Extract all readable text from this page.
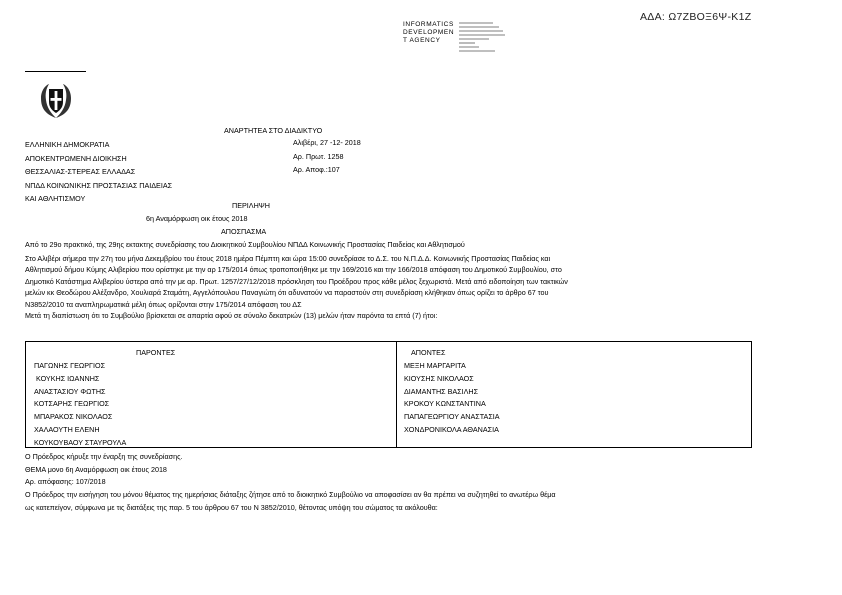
ΑΔΑ: Ω7ΖΒΟΞ6Ψ-Κ1Ζ
INFORMATICS
DEVELOPMEN
T AGENCY
ΑΝΑΡΤΗΤΕΑ ΣΤΟ ΔΙΑΔΙΚΤΥΟ
ΕΛΛΗΝΙΚΗ ΔΗΜΟΚΡΑΤΙΑ
ΑΠΟΚΕΝΤΡΩΜΕΝΗ ΔΙΟΙΚΗΣΗ
ΘΕΣΣΑΛΙΑΣ-ΣΤΕΡΕΑΣ ΕΛΛΑΔΑΣ
ΝΠΔΔ ΚΟΙΝΩΝΙΚΗΣ ΠΡΟΣΤΑΣΙΑΣ ΠΑΙΔΕΙΑΣ
ΚΑΙ ΑΘΛΗΤΙΣΜΟΥ
Αλιβέρι, 27 -12- 2018
Αρ. Πρωτ. 1258
Αρ. Αποφ.:107
ΠΕΡΙΛΗΨΗ
6η Αναμόρφωση οικ έτους 2018
ΑΠΟΣΠΑΣΜΑ
Από το 29ο πρακτικό, της 29ης εκτακτης συνεδρίασης του Διοικητικού Συμβουλίου ΝΠΔΔ Κοινωνικής Προστασίας Παιδείας και Αθλητισμού
Στο Αλιβέρι σήμερα την 27η του μήνα Δεκεμβρίου του έτους 2018 ημέρα Πέμπτη και ώρα 15:00 συνεδρίασε το Δ.Σ. του Ν.Π.Δ.Δ. Κοινωνικής Προστασίας Παιδείας και
Αθλητισμού δήμου Κύμης Αλιβερίου που ορίστηκε με την αρ 175/2014 όπως τροποποιήθηκε με την 169/2016 και την 166/2018 απόφαση του Δημοτικού Συμβουλίου, στο
Δημοτικό Κατάστημα Αλιβερίου ύστερα από την με αρ. Πρωτ. 1257/27/12/2018 πρόσκληση του Προέδρου προς κάθε μέλος ξεχωριστά. Μετά από ειδοποίηση των τακτικών
μελών κκ Θεοδώρου Αλέξανδρο, Χουλιαρά Σταμάτη, Αγγελόπουλου Παναγιώτη ότι αδυνατούν να παραστούν στη συνεδρίαση κλήθηκαν όπως ορίζει το άρθρο 67 του
Ν3852/2010 τα αναπληρωματικά μέλη όπως ορίζονται στην 175/2014 απόφαση του ΔΣ
Μετά τη διαπίστωση ότι το Συμβούλιο βρίσκεται σε απαρτία αφού σε σύνολο δεκατριών (13) μελών ήταν παρόντα τα επτά (7) ήτοι:
ΠΑΡΟΝΤΕΣ	ΑΠΟΝΤΕΣ
ΠΑΓΩΝΗΣ ΓΕΩΡΓΙΟΣ
ΚΟΥΚΗΣ ΙΩΑΝΝΗΣ
ΑΝΑΣΤΑΣΙΟΥ ΦΩΤΗΣ
ΚΟΤΣΑΡΗΣ ΓΕΩΡΓΙΟΣ
ΜΠΑΡΑΚΟΣ ΝΙΚΟΛΑΟΣ
ΧΑΛΑΟΥΤΗ ΕΛΕΝΗ
ΚΟΥΚΟΥΒΑΟΥ ΣΤΑΥΡΟΥΛΑ
ΜΕΞΗ ΜΑΡΓΑΡΙΤΑ
ΚΙΟΥΣΗΣ ΝΙΚΟΛΑΟΣ
ΔΙΑΜΑΝΤΗΣ ΒΑΣΙΛΗΣ
ΚΡΟΚΟΥ ΚΩΝΣΤΑΝΤΙΝΑ
ΠΑΠΑΓΕΩΡΓΙΟΥ ΑΝΑΣΤΑΣΙΑ
ΧΟΝΔΡΟΝΙΚΟΛΑ ΑΘΑΝΑΣΙΑ
Ο Πρόεδρος κήρυξε την έναρξη της συνεδρίασης.
ΘΕΜΑ μονο 6η Αναμόρφωση οικ έτους 2018
Αρ. απόφασης: 107/2018
Ο Πρόεδρος την εισήγηση του μόνου θέματος της ημερήσιας διάταξης ζήτησε από το διοικητικό Συμβούλιο να αποφασίσει αν θα πρέπει να συζητηθεί το ανωτέρω θέμα
ως κατεπείγον, σύμφωνα με τις διατάξεις της παρ. 5 του άρθρου 67 του Ν 3852/2010, θέτοντας υπόψη του σώματος τα ακόλουθα:
